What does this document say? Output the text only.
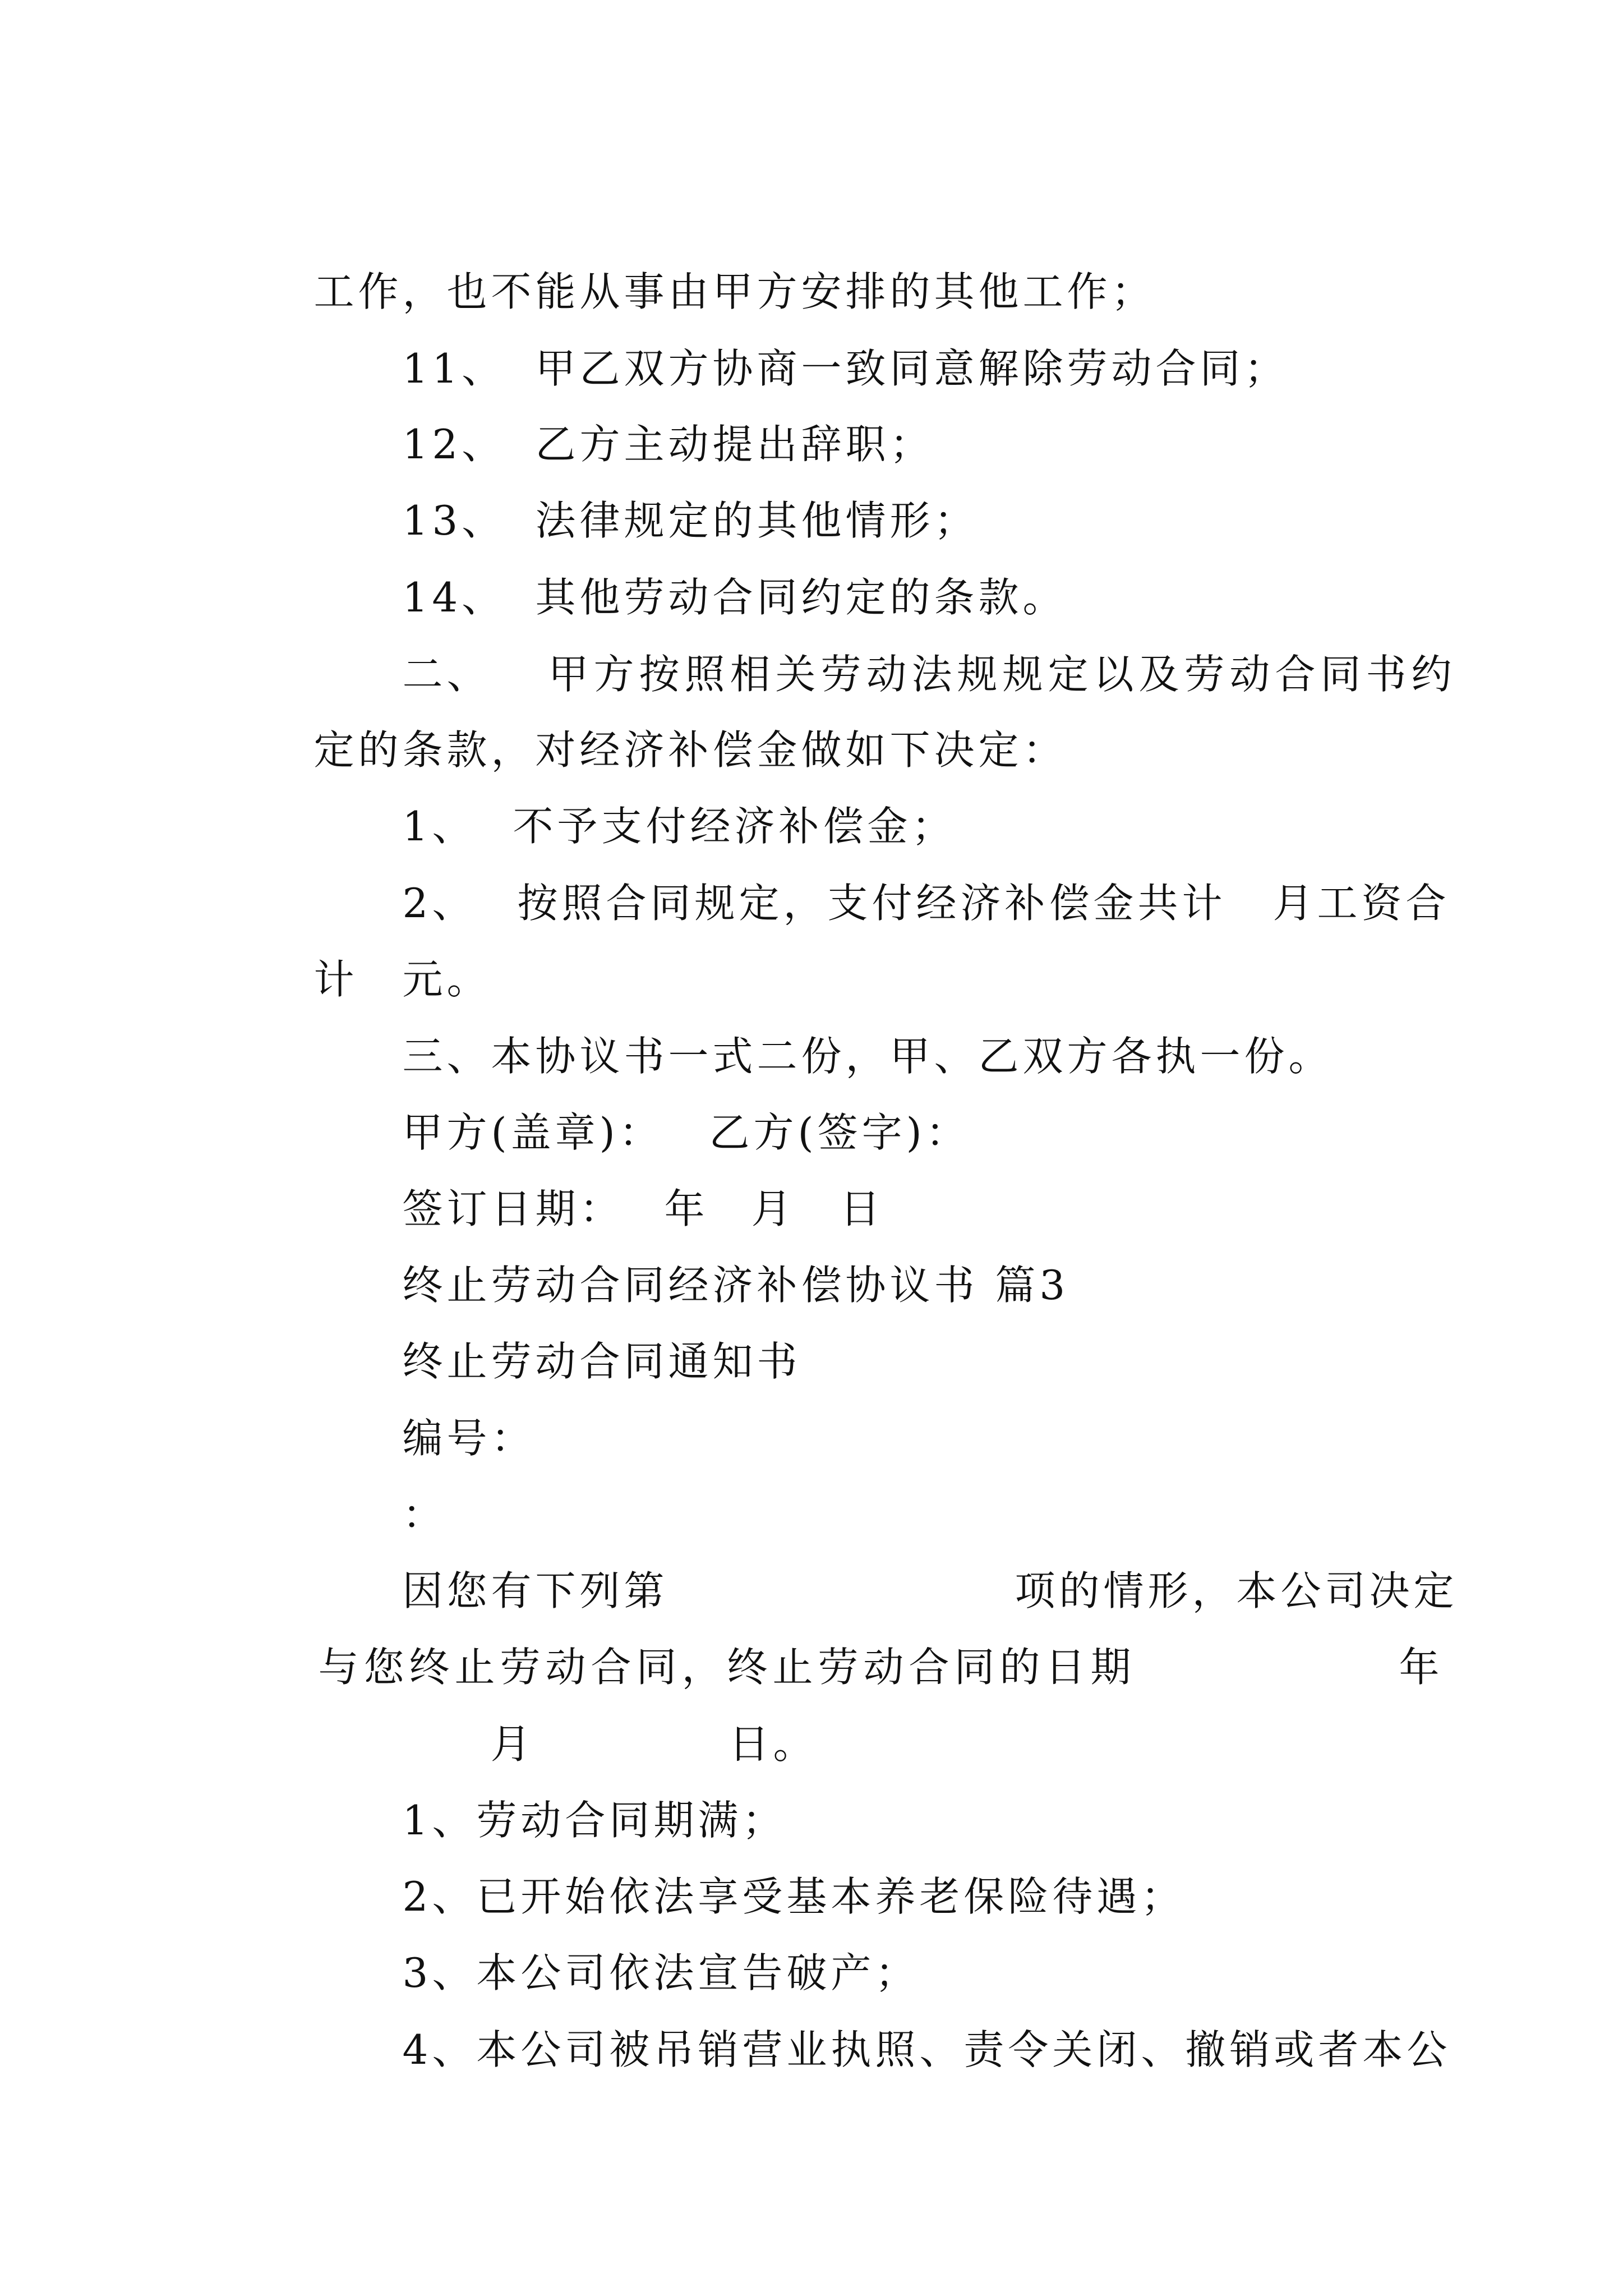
工作，也不能从事由甲方安排的其他工作；

11、
甲乙双方协商一致同意解除劳动合同；

12、
乙方主动提出辞职；

13、
法律规定的其他情形；

14、
其他劳动合同约定的条款。

二、
	甲方按照相关劳动法规规定以及劳动合同书约

定的条款，对经济补偿金做如下决定：

1、
不予支付经济补偿金；

2、
	按照合同规定，支付经济补偿金共计
	月工资合

计
	元。

三、本协议书一式二份，甲、乙双方各执一份。

甲方(盖章)：
	乙方(签字)：

签订日期：
年
	月
	日

终止劳动合同经济补偿协议书 篇3

终止劳动合同通知书

编号：

：

因您有下列第
	项的情形，本公司决定

与您终止劳动合同，终止劳动合同的日期
	年

月
	日。

1、劳动合同期满；

2、已开始依法享受基本养老保险待遇；

3、本公司依法宣告破产；

4、本公司被吊销营业执照、责令关闭、撤销或者本公
